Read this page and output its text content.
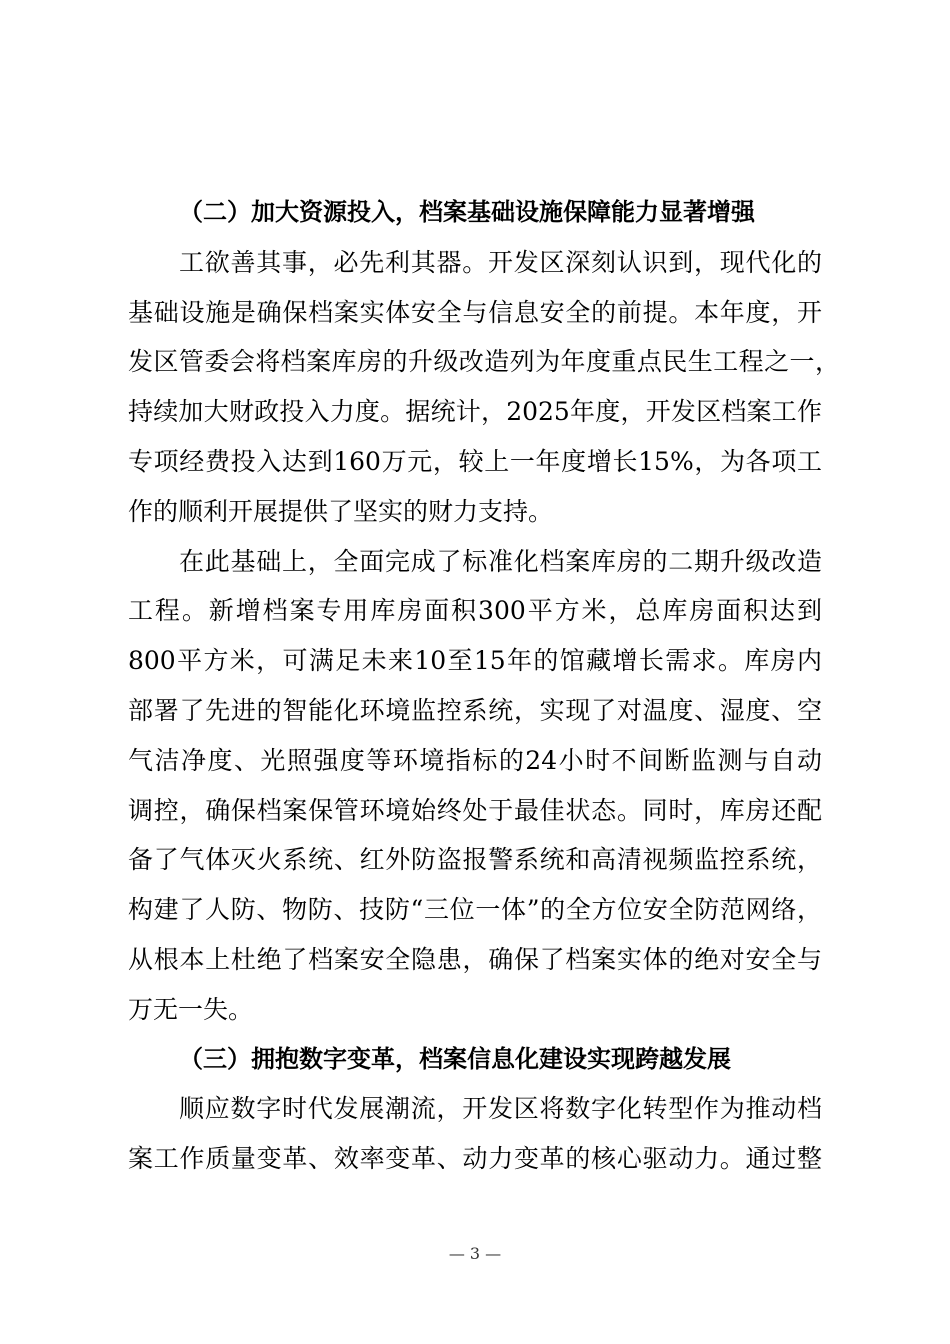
（二）加大资源投入，档案基础设施保障能力显著增强
工欲善其事，必先利其器。开发区深刻认识到，现代化的
基础设施是确保档案实体安全与信息安全的前提。本年度，开
发区管委会将档案库房的升级改造列为年度重点民生工程之一，
持续加大财政投入力度。据统计，2025年度，开发区档案工作
专项经费投入达到160万元，较上一年度增长15%，为各项工
作的顺利开展提供了坚实的财力支持。
在此基础上，全面完成了标准化档案库房的二期升级改造
工程。新增档案专用库房面积300平方米，总库房面积达到
800平方米，可满足未来10至15年的馆藏增长需求。库房内
部署了先进的智能化环境监控系统，实现了对温度、湿度、空
气洁净度、光照强度等环境指标的24小时不间断监测与自动
调控，确保档案保管环境始终处于最佳状态。同时，库房还配
备了气体灭火系统、红外防盗报警系统和高清视频监控系统，
构建了人防、物防、技防“三位一体”的全方位安全防范网络，
从根本上杜绝了档案安全隐患，确保了档案实体的绝对安全与
万无一失。
（三）拥抱数字变革，档案信息化建设实现跨越发展
顺应数字时代发展潮流，开发区将数字化转型作为推动档
案工作质量变革、效率变革、动力变革的核心驱动力。通过整
— 3 —
